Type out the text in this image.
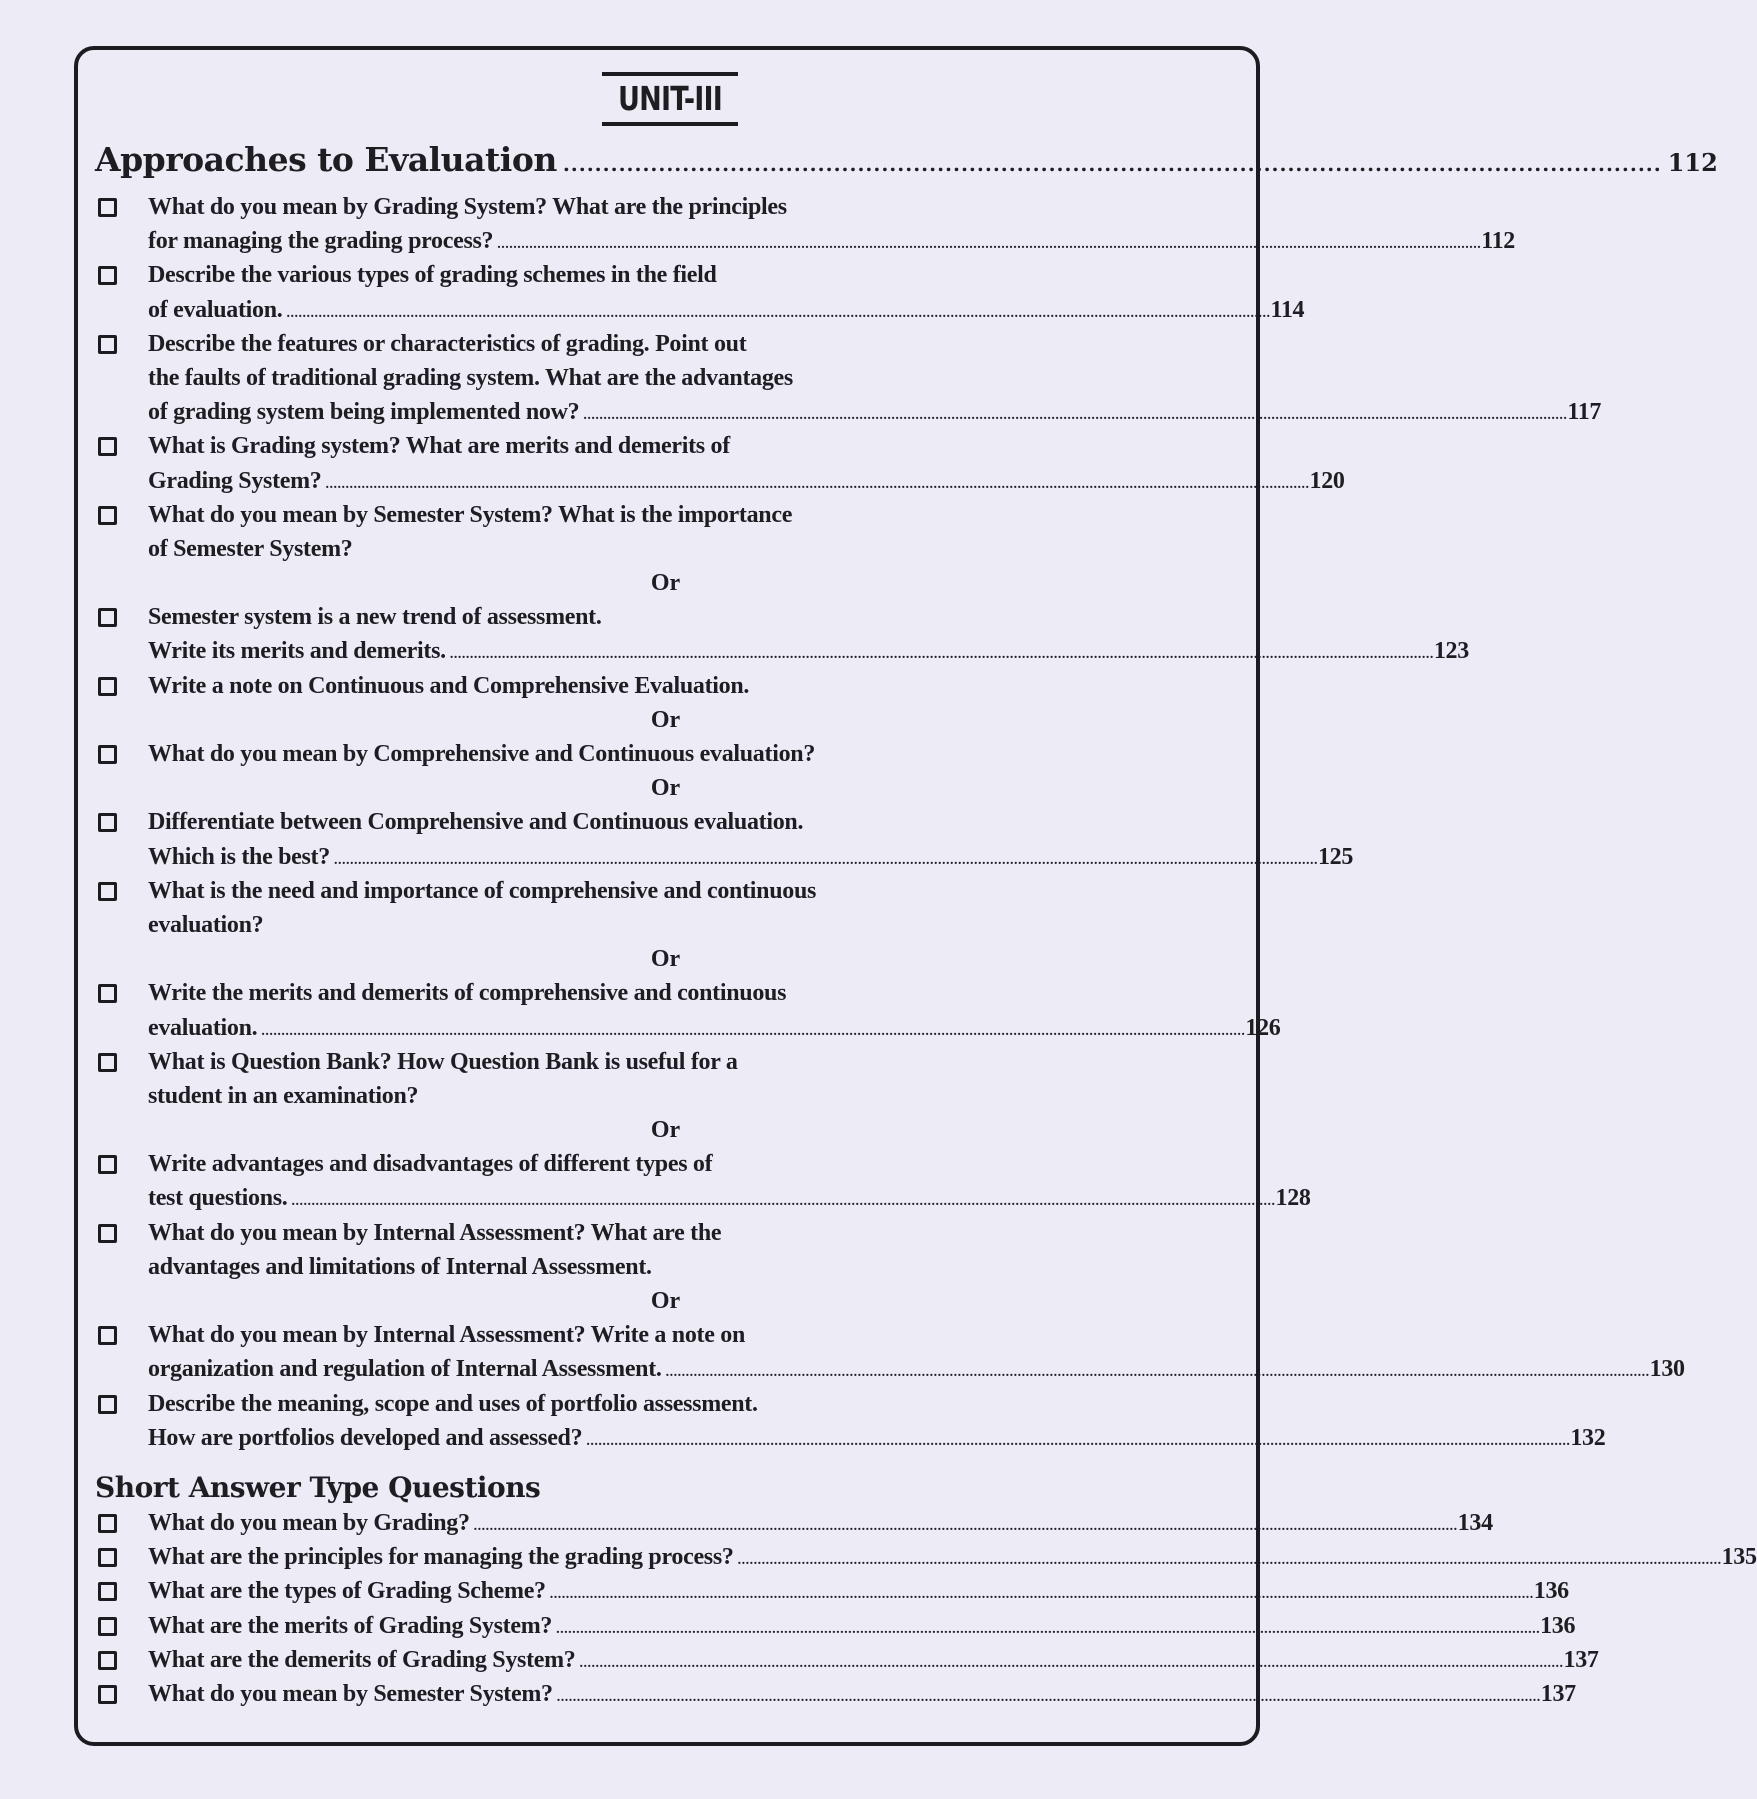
UNIT-III
Approaches to Evaluation .......................................................................................................................................... 112
What do you mean by Grading System? What are the principles
for managing the grading process? ...................................................................................................................................................................................................................................................... 112
Describe the various types of grading schemes in the field
of evaluation. ...................................................................................................................................................................................................................................................... 114
Describe the features or characteristics of grading. Point out
the faults of traditional grading system. What are the advantages
of grading system being implemented now? ...................................................................................................................................................................................................................................................... 117
What is Grading system? What are merits and demerits of
Grading System? ...................................................................................................................................................................................................................................................... 120
What do you mean by Semester System? What is the importance
of Semester System?
Or
Semester system is a new trend of assessment.
Write its merits and demerits. ...................................................................................................................................................................................................................................................... 123
Write a note on Continuous and Comprehensive Evaluation.
Or
What do you mean by Comprehensive and Continuous evaluation?
Or
Differentiate between Comprehensive and Continuous evaluation.
Which is the best? ...................................................................................................................................................................................................................................................... 125
What is the need and importance of comprehensive and continuous
evaluation?
Or
Write the merits and demerits of comprehensive and continuous
evaluation. ...................................................................................................................................................................................................................................................... 126
What is Question Bank? How Question Bank is useful for a
student in an examination?
Or
Write advantages and disadvantages of different types of
test questions. ...................................................................................................................................................................................................................................................... 128
What do you mean by Internal Assessment? What are the
advantages and limitations of Internal Assessment.
Or
What do you mean by Internal Assessment? Write a note on
organization and regulation of Internal Assessment. ...................................................................................................................................................................................................................................................... 130
Describe the meaning, scope and uses of portfolio assessment.
How are portfolios developed and assessed? ...................................................................................................................................................................................................................................................... 132
Short Answer Type Questions
What do you mean by Grading? ...................................................................................................................................................................................................................................................... 134
What are the principles for managing the grading process? ...................................................................................................................................................................................................................................................... 135
What are the types of Grading Scheme? ...................................................................................................................................................................................................................................................... 136
What are the merits of Grading System? ...................................................................................................................................................................................................................................................... 136
What are the demerits of Grading System? ...................................................................................................................................................................................................................................................... 137
What do you mean by Semester System? ...................................................................................................................................................................................................................................................... 137
